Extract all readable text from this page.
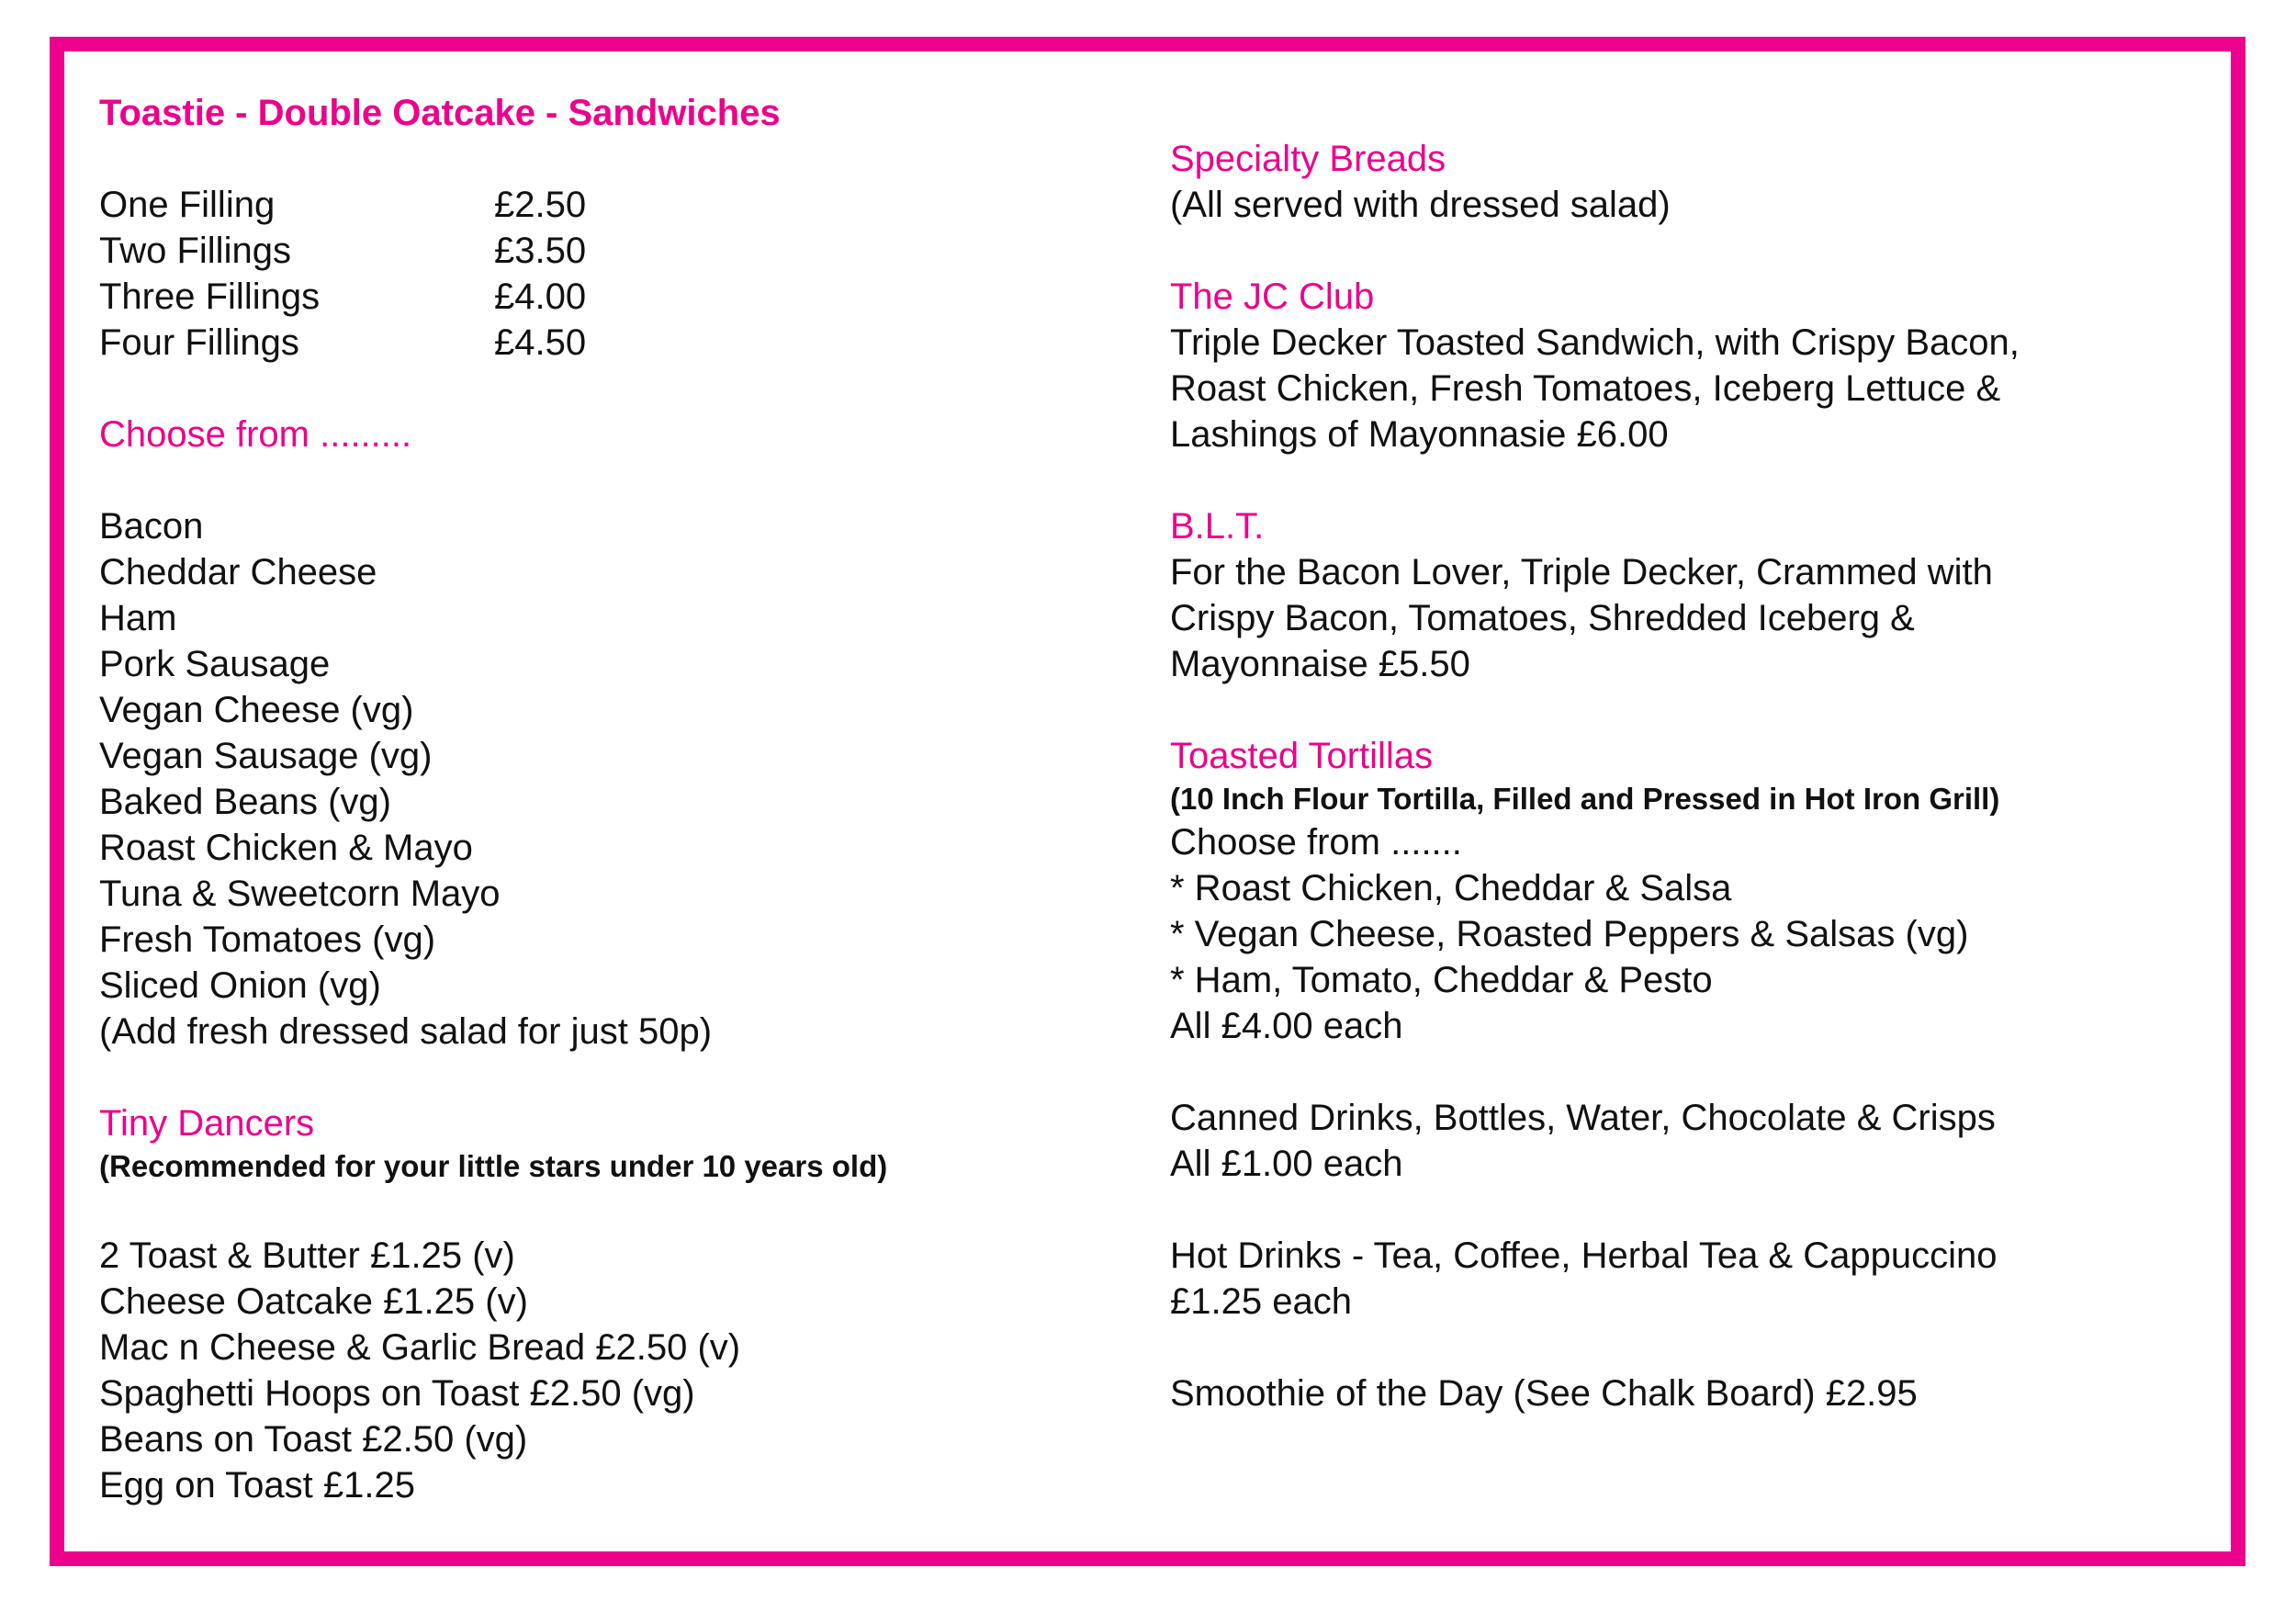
Toastie - Double Oatcake - Sandwiches
One Filling	£2.50
Two Fillings	£3.50
Three Fillings	£4.00
Four Fillings	£4.50
Choose from .........
Bacon
Cheddar Cheese
Ham
Pork Sausage
Vegan Cheese (vg)
Vegan Sausage (vg)
Baked Beans (vg)
Roast Chicken & Mayo
Tuna & Sweetcorn Mayo
Fresh Tomatoes (vg)
Sliced Onion (vg)
(Add fresh dressed salad for just 50p)
Tiny Dancers
(Recommended for your little stars under 10 years old)
2 Toast & Butter £1.25 (v)
Cheese Oatcake £1.25 (v)
Mac n Cheese & Garlic Bread £2.50 (v)
Spaghetti Hoops on Toast £2.50 (vg)
Beans on Toast £2.50 (vg)
Egg on Toast £1.25
Specialty Breads
(All served with dressed salad)
The JC Club
Triple Decker Toasted Sandwich, with Crispy Bacon,
Roast Chicken, Fresh Tomatoes, Iceberg Lettuce &
Lashings of Mayonnasie £6.00
B.L.T.
For the Bacon Lover, Triple Decker, Crammed with
Crispy Bacon, Tomatoes, Shredded Iceberg &
Mayonnaise £5.50
Toasted Tortillas
(10 Inch Flour Tortilla, Filled and Pressed in Hot Iron Grill)
Choose from .......
* Roast Chicken, Cheddar & Salsa
* Vegan Cheese, Roasted Peppers & Salsas (vg)
* Ham, Tomato, Cheddar & Pesto
All £4.00 each
Canned Drinks, Bottles, Water, Chocolate & Crisps
All £1.00 each
Hot Drinks - Tea, Coffee, Herbal Tea & Cappuccino
£1.25 each
Smoothie of the Day (See Chalk Board) £2.95
